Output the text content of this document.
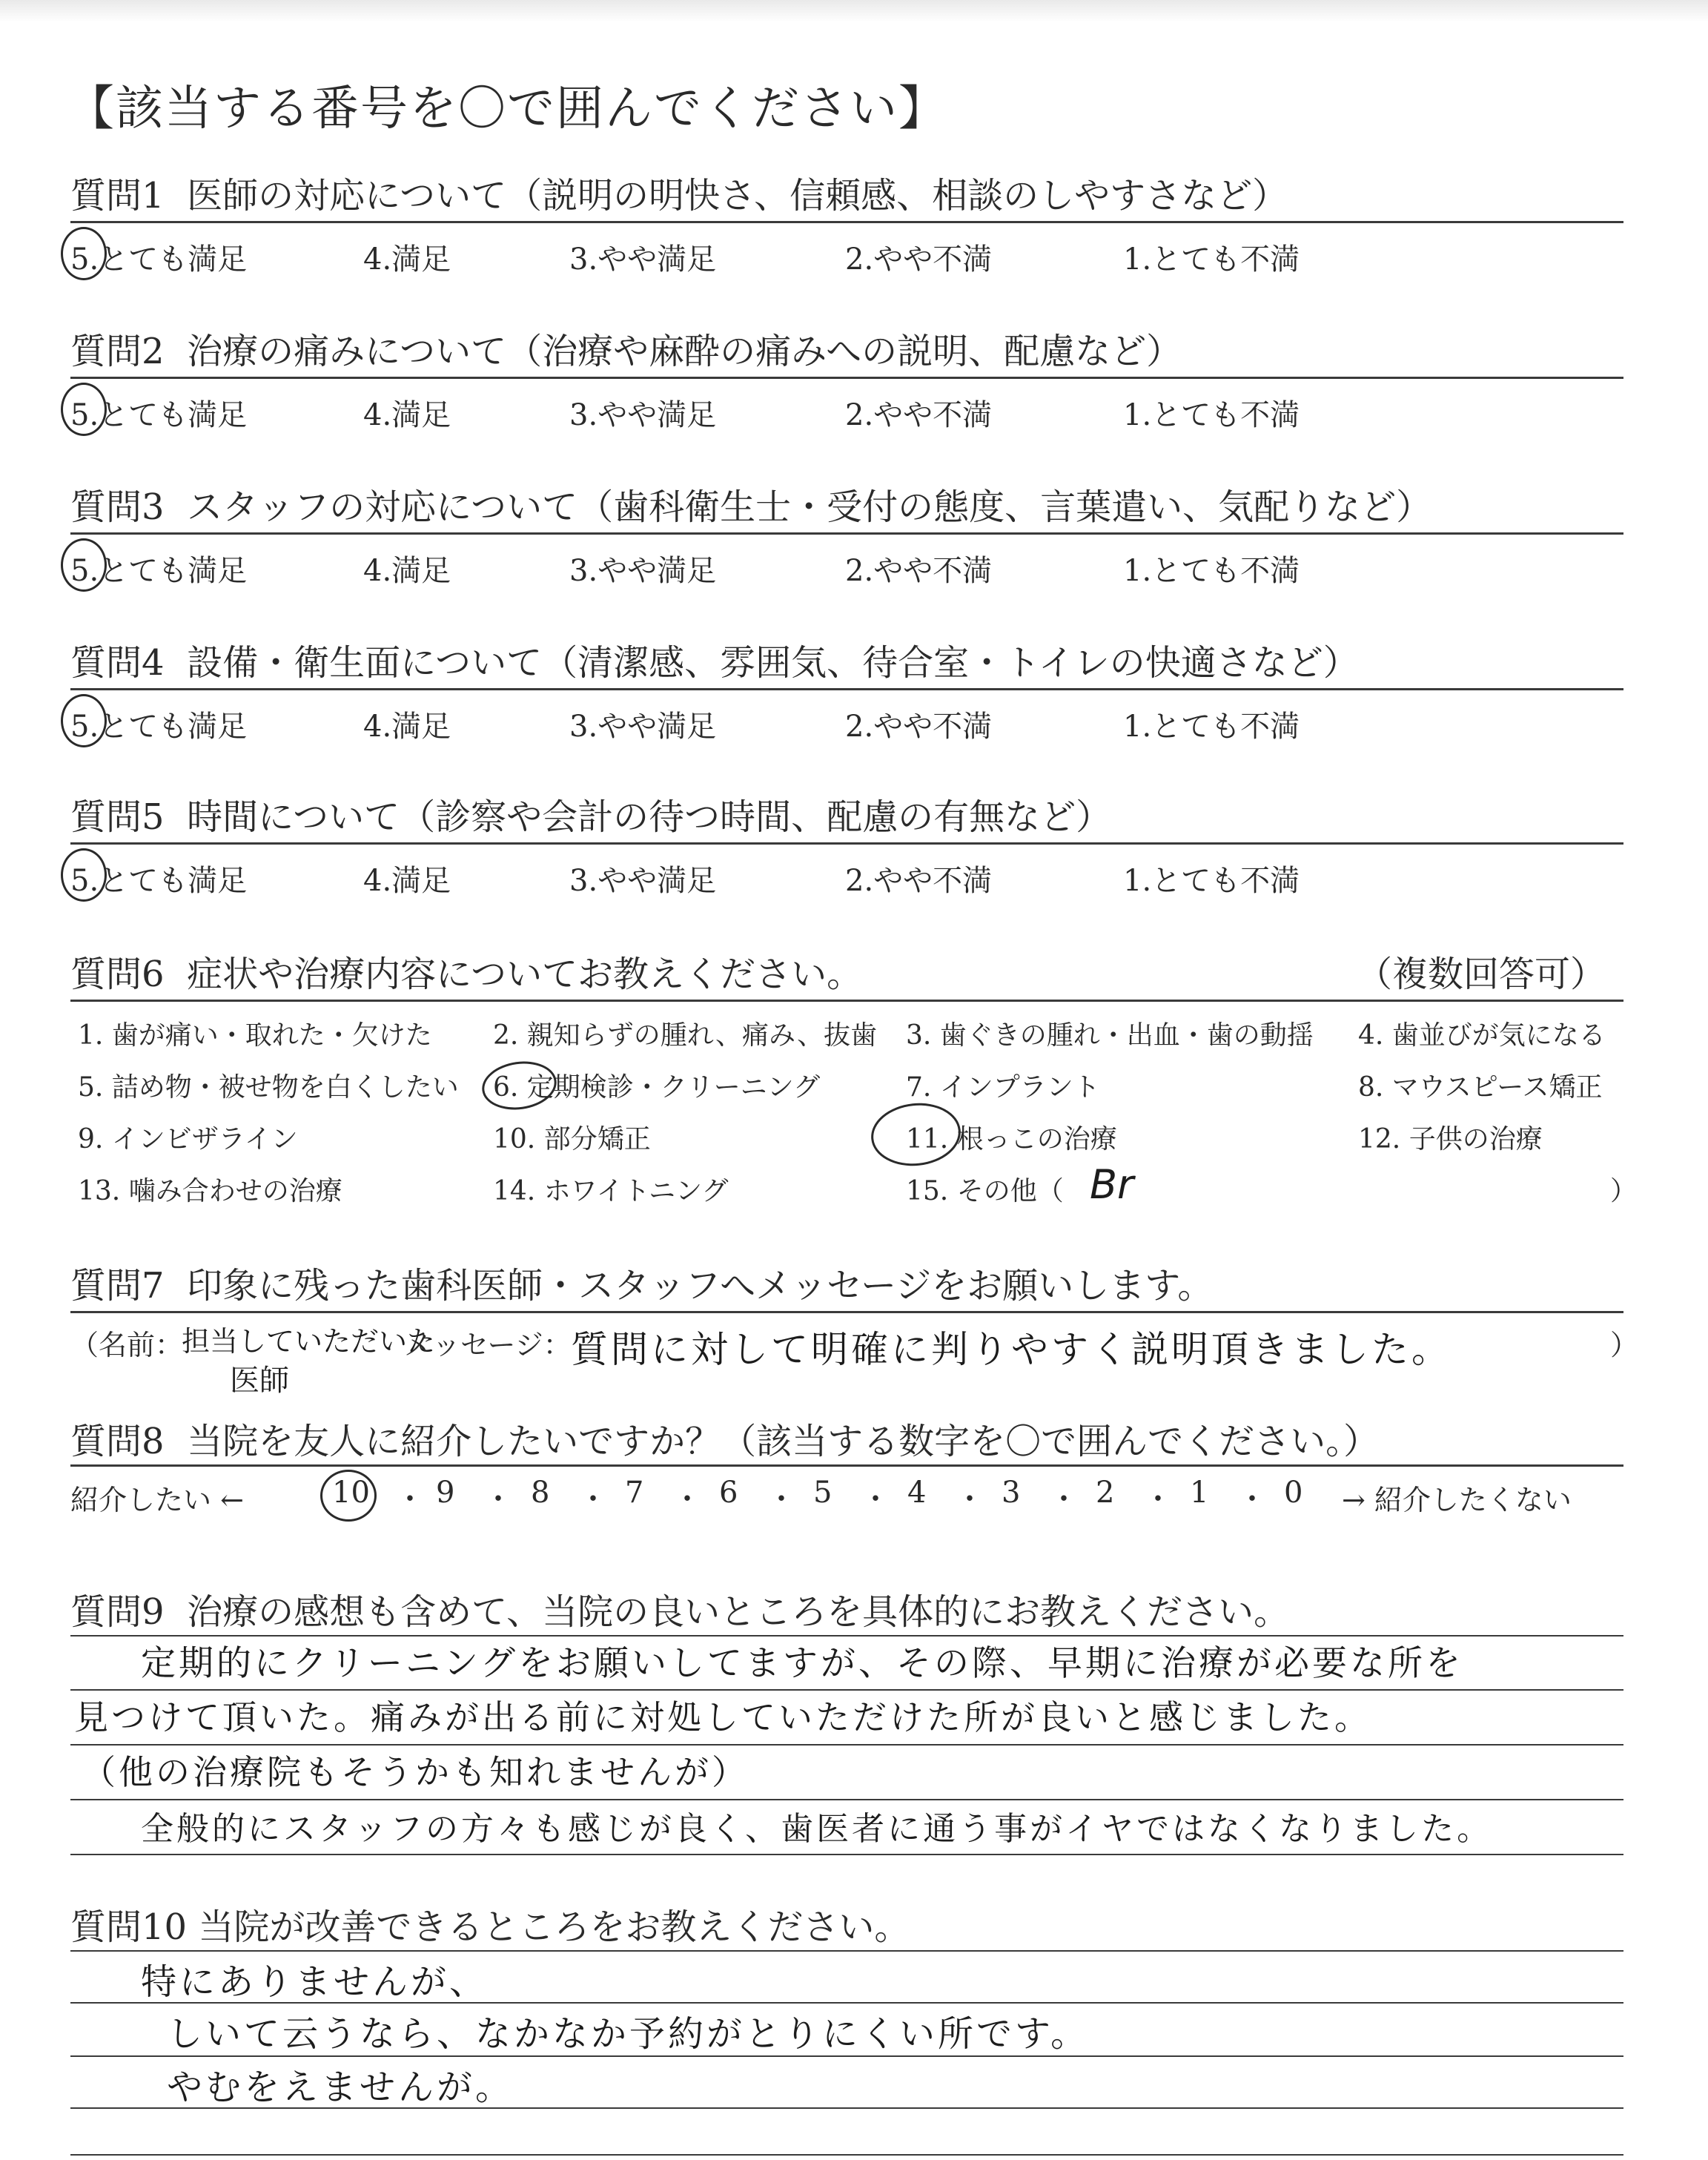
【該当する番号を〇で囲んでください】
質問1 医師の対応について（説明の明快さ、信頼感、相談のしやすさなど）
5.とても満足	4.満足	3.やや満足	2.やや不満	1.とても不満
質問2 治療の痛みについて（治療や麻酔の痛みへの説明、配慮など）
5.とても満足	4.満足	3.やや満足	2.やや不満	1.とても不満
質問3 スタッフの対応について（歯科衛生士・受付の態度、言葉遣い、気配りなど）
5.とても満足	4.満足	3.やや満足	2.やや不満	1.とても不満
質問4 設備・衛生面について（清潔感、雰囲気、待合室・トイレの快適さなど）
5.とても満足	4.満足	3.やや満足	2.やや不満	1.とても不満
質問5 時間について（診察や会計の待つ時間、配慮の有無など）
5.とても満足	4.満足	3.やや満足	2.やや不満	1.とても不満
質問6 症状や治療内容についてお教えください。	（複数回答可）
1. 歯が痛い・取れた・欠けた 2. 親知らずの腫れ、痛み、抜歯 3. 歯ぐきの腫れ・出血・歯の動揺 4. 歯並びが気になる
5. 詰め物・被せ物を白くしたい 6. 定期検診・クリーニング	7. インプラント	8. マウスピース矯正
9. インビザライン	10. 部分矯正	11. 根っこの治療	12. 子供の治療
13. 噛み合わせの治療	14. ホワイトニング	15. その他（ Br	）
質問7 印象に残った歯科医師・スタッフへメッセージをお願いします。
（名前：
担当していただいた
医師
メッセージ： 質問に対して明確に判りやすく説明頂きました。	）
質問8 当院を友人に紹介したいですか？（該当する数字を〇で囲んでください。）
紹介したい ←	10 ・ 9 ・ 8 ・ 7 ・ 6 ・ 5 ・ 4 ・ 3 ・ 2 ・ 1 ・ 0 → 紹介したくない
質問9 治療の感想も含めて、当院の良いところを具体的にお教えください。
定期的にクリーニングをお願いしてますが、その際、早期に治療が必要な所を
見つけて頂いた。痛みが出る前に対処していただけた所が良いと感じました。
（他の治療院もそうかも知れませんが）
全般的にスタッフの方々も感じが良く、歯医者に通う事がイヤではなくなりました。
質問10 当院が改善できるところをお教えください。
特にありませんが、
しいて云うなら、なかなか予約がとりにくい所です。
やむをえませんが。
